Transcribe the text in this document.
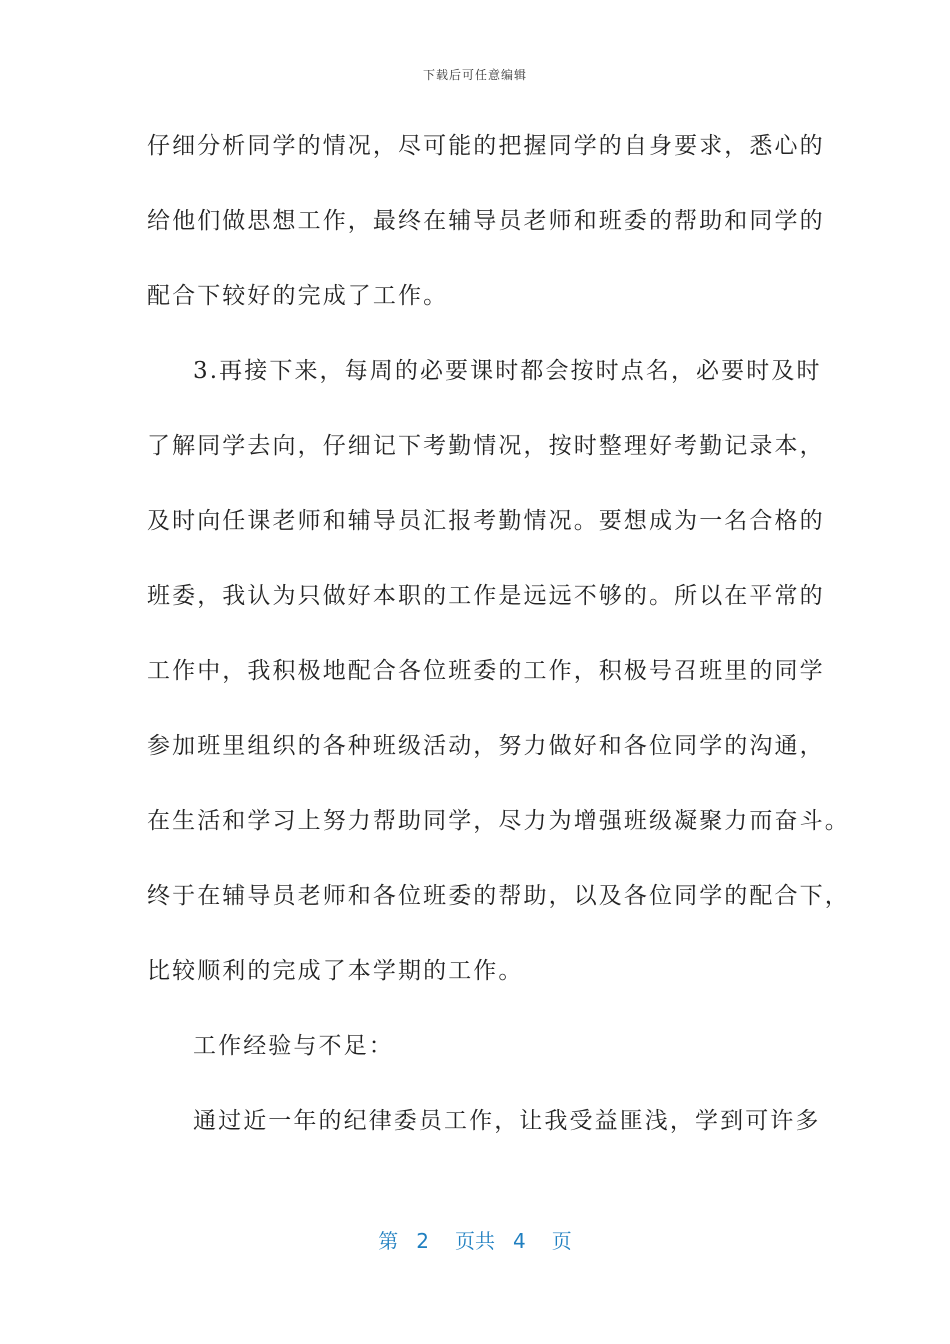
下载后可任意编辑
仔细分析同学的情况，尽可能的把握同学的自身要求，悉心的
给他们做思想工作，最终在辅导员老师和班委的帮助和同学的
配合下较好的完成了工作。
3.再接下来，每周的必要课时都会按时点名，必要时及时
了解同学去向，仔细记下考勤情况，按时整理好考勤记录本，
及时向任课老师和辅导员汇报考勤情况。要想成为一名合格的
班委，我认为只做好本职的工作是远远不够的。所以在平常的
工作中，我积极地配合各位班委的工作，积极号召班里的同学
参加班里组织的各种班级活动，努力做好和各位同学的沟通，
在生活和学习上努力帮助同学，尽力为增强班级凝聚力而奋斗。
终于在辅导员老师和各位班委的帮助，以及各位同学的配合下，
比较顺利的完成了本学期的工作。
工作经验与不足：
通过近一年的纪律委员工作，让我受益匪浅，学到可许多
第 2 页共 4 页
